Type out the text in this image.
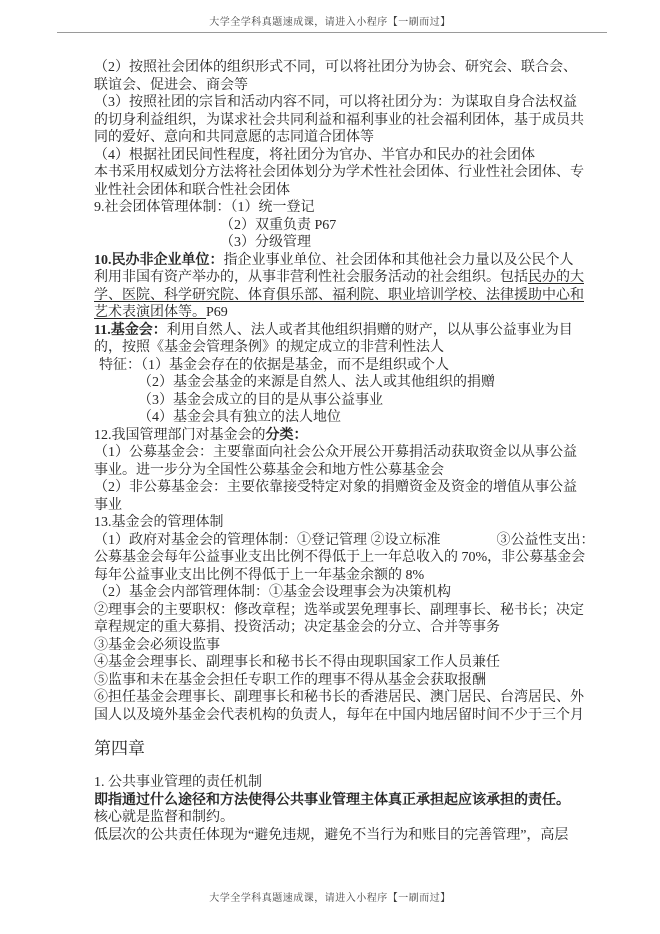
大学全学科真题速成课，请进入小程序【一刷而过】
（2）按照社会团体的组织形式不同，可以将社团分为协会、研究会、联合会、
联谊会、促进会、商会等
（3）按照社团的宗旨和活动内容不同，可以将社团分为：为谋取自身合法权益
的切身利益组织，为谋求社会共同利益和福利事业的社会福利团体，基于成员共
同的爱好、意向和共同意愿的志同道合团体等
（4）根据社团民间性程度，将社团分为官办、半官办和民办的社会团体
本书采用权威划分方法将社会团体划分为学术性社会团体、行业性社会团体、专
业性社会团体和联合性社会团体
9.社会团体管理体制：（1）统一登记
（2）双重负责 P67
（3）分级管理
10.民办非企业单位：指企业事业单位、社会团体和其他社会力量以及公民个人
利用非国有资产举办的，从事非营利性社会服务活动的社会组织。包括民办的大
学、医院、科学研究院、体育俱乐部、福利院、职业培训学校、法律援助中心和
艺术表演团体等。P69
11.基金会：利用自然人、法人或者其他组织捐赠的财产，以从事公益事业为目
的，按照《基金会管理条例》的规定成立的非营利性法人
特征：（1）基金会存在的依据是基金，而不是组织或个人
（2）基金会基金的来源是自然人、法人或其他组织的捐赠
（3）基金会成立的目的是从事公益事业
（4）基金会具有独立的法人地位
12.我国管理部门对基金会的分类：
（1）公募基金会：主要靠面向社会公众开展公开募捐活动获取资金以从事公益
事业。进一步分为全国性公募基金会和地方性公募基金会
（2）非公募基金会：主要依靠接受特定对象的捐赠资金及资金的增值从事公益
事业
13.基金会的管理体制
（1）政府对基金会的管理体制：①登记管理 ②设立标准　　　　③公益性支出：
公募基金会每年公益事业支出比例不得低于上一年总收入的 70%，非公募基金会
每年公益事业支出比例不得低于上一年基金余额的 8%
（2）基金会内部管理体制：①基金会设理事会为决策机构
②理事会的主要职权：修改章程；选举或罢免理事长、副理事长、秘书长；决定
章程规定的重大募捐、投资活动；决定基金会的分立、合并等事务
③基金会必须设监事
④基金会理事长、副理事长和秘书长不得由现职国家工作人员兼任
⑤监事和未在基金会担任专职工作的理事不得从基金会获取报酬
⑥担任基金会理事长、副理事长和秘书长的香港居民、澳门居民、台湾居民、外
国人以及境外基金会代表机构的负责人，每年在中国内地居留时间不少于三个月
第四章
1. 公共事业管理的责任机制
即指通过什么途径和方法使得公共事业管理主体真正承担起应该承担的责任。
核心就是监督和制约。
低层次的公共责任体现为“避免违规，避免不当行为和账目的完善管理”，高层
大学全学科真题速成课，请进入小程序【一刷而过】
